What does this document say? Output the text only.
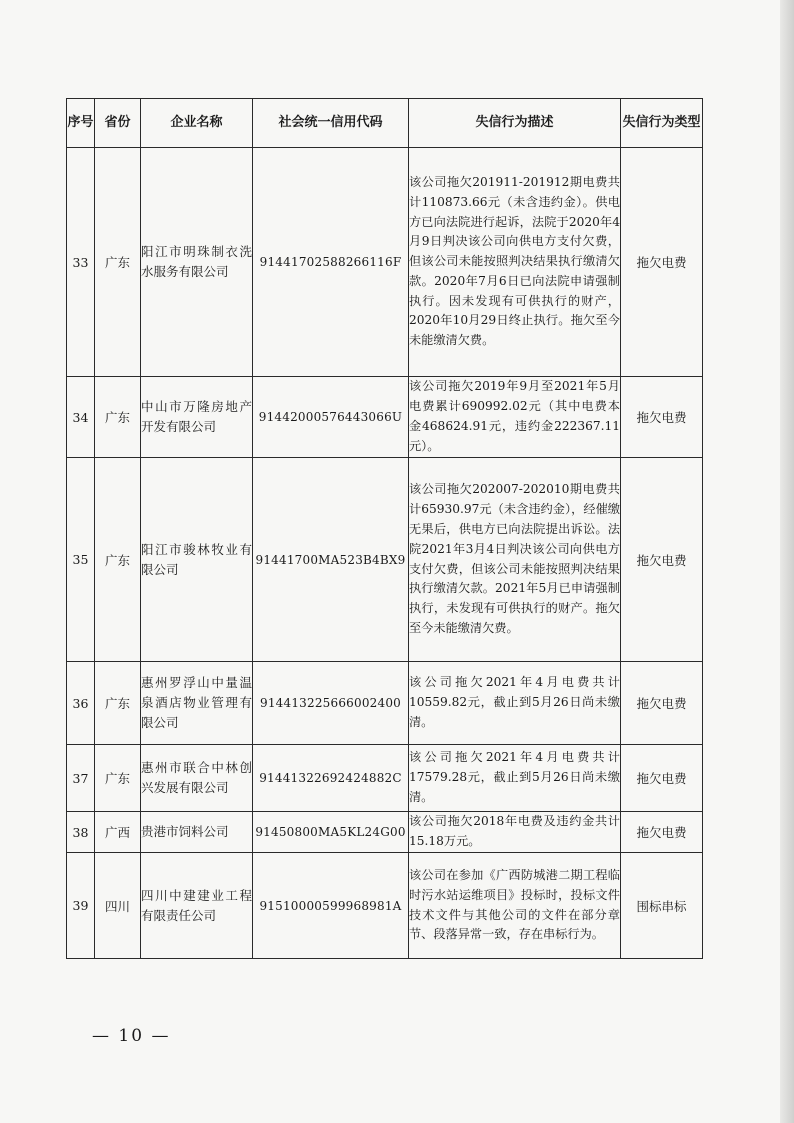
序号	省份	企业名称	社会统一信用代码	失信行为描述	失信行为类型
33	广东	阳江市明珠制衣洗水服务有限公司	91441702588266116F	该公司拖欠201911-201912期电费共计110873.66元（未含违约金）。供电方已向法院进行起诉，法院于2020年4月9日判决该公司向供电方支付欠费，但该公司未能按照判决结果执行缴清欠款。2020年7月6日已向法院申请强制执行。因未发现有可供执行的财产，2020年10月29日终止执行。拖欠至今未能缴清欠费。	拖欠电费
34	广东	中山市万隆房地产开发有限公司	91442000576443066U	该公司拖欠2019年9月至2021年5月电费累计690992.02元（其中电费本金468624.91元，违约金222367.11元）。	拖欠电费
35	广东	阳江市骏林牧业有限公司	91441700MA523B4BX9	该公司拖欠202007-202010期电费共计65930.97元（未含违约金），经催缴无果后，供电方已向法院提出诉讼。法院2021年3月4日判决该公司向供电方支付欠费，但该公司未能按照判决结果执行缴清欠款。2021年5月已申请强制执行，未发现有可供执行的财产。拖欠至今未能缴清欠费。	拖欠电费
36	广东	惠州罗浮山中量温泉酒店物业管理有限公司	914413225666002400	该公司拖欠2021年4月电费共计10559.82元，截止到5月26日尚未缴清。	拖欠电费
37	广东	惠州市联合中林创兴发展有限公司	91441322692424882C	该公司拖欠2021年4月电费共计17579.28元，截止到5月26日尚未缴清。	拖欠电费
38	广西	贵港市饲料公司	91450800MA5KL24G00	该公司拖欠2018年电费及违约金共计15.18万元。	拖欠电费
39	四川	四川中建建业工程有限责任公司	91510000599968981A	该公司在参加《广西防城港二期工程临时污水站运维项目》投标时，投标文件技术文件与其他公司的文件在部分章节、段落异常一致，存在串标行为。	围标串标
— 10 —
